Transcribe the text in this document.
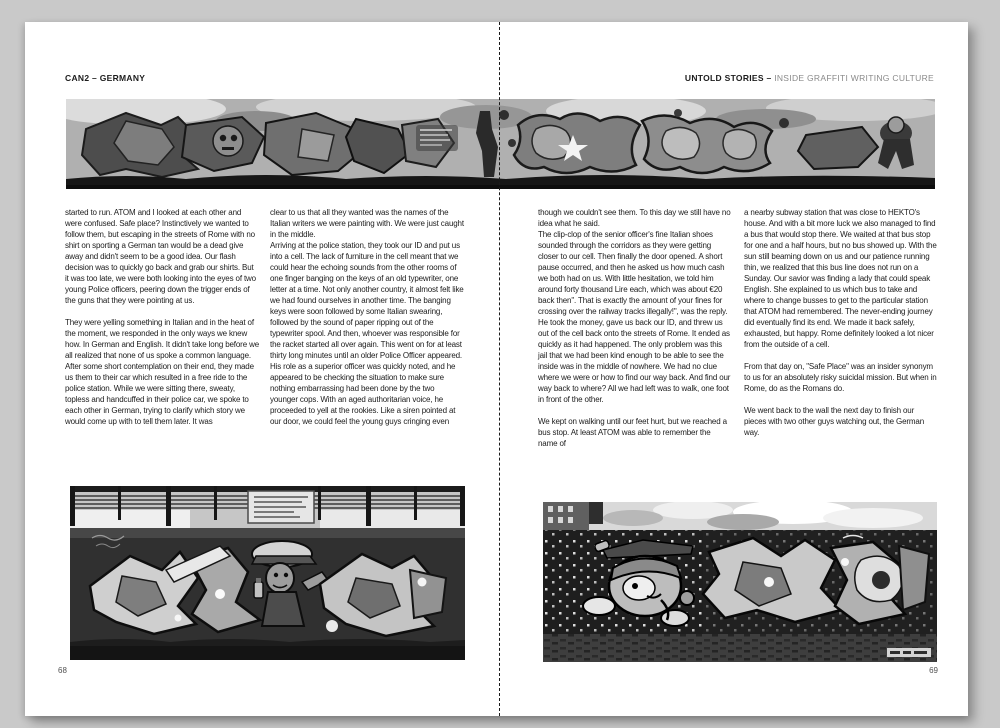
CAN2 – GERMANY	UNTOLD STORIES – INSIDE GRAFFITI WRITING CULTURE

started to run. ATOM and I looked at each other and were confused. Safe place? Instinctively we wanted to follow them, but escaping in the streets of Rome with no shirt on sporting a German tan would be a dead give away and didn't seem to be a good idea. Our flash decision was to quickly go back and grab our shirts. But it was too late, we were both looking into the eyes of two young Police officers, peering down the trigger ends of the guns that they were pointing at us.

They were yelling something in Italian and in the heat of the moment, we responded in the only ways we knew how. In German and English. It didn't take long before we all realized that none of us spoke a common language. After some short contemplation on their end, they made us them to their car which resulted in a free ride to the police station. While we were sitting there, sweaty, topless and handcuffed in their police car, we spoke to each other in German, trying to clarify which story we would come up with to tell them later. It was

clear to us that all they wanted was the names of the Italian writers we were painting with. We were just caught in the middle.

Arriving at the police station, they took our ID and put us into a cell. The lack of furniture in the cell meant that we could hear the echoing sounds from the other rooms of one finger banging on the keys of an old typewriter, one letter at a time. Not only another country, it almost felt like we had found ourselves in another time. The banging keys were soon followed by some Italian swearing, followed by the sound of paper ripping out of the typewriter spool. And then, whoever was responsible for the racket started all over again. This went on for at least thirty long minutes until an older Police Officer appeared. His role as a superior officer was quickly noted, and he appeared to be checking the situation to make sure nothing embarrassing had been done by the two younger cops. With an aged authoritarian voice, he proceeded to yell at the rookies. Like a siren pointed at our door, we could feel the young guys cringing even

though we couldn't see them. To this day we still have no idea what he said.

The clip-clop of the senior officer's fine Italian shoes sounded through the corridors as they were getting closer to our cell. Then finally the door opened. A short pause occurred, and then he asked us how much cash we both had on us. With little hesitation, we told him around forty thousand Lire each, which was about €20 back then". That is exactly the amount of your fines for crossing over the railway tracks illegally!", was the reply. He took the money, gave us back our ID, and threw us out of the cell back onto the streets of Rome. It ended as quickly as it had happened. The only problem was this jail that we had been kind enough to be able to see the inside was in the middle of nowhere. We had no clue where we were or how to find our way back. And find our way back to where? All we had left was to walk, one foot in front of the other.

We kept on walking until our feet hurt, but we reached a bus stop. At least ATOM was able to remember the name of

a nearby subway station that was close to HEKTO's house. And with a bit more luck we also managed to find a bus that would stop there. We waited at that bus stop for one and a half hours, but no bus showed up. With the sun still beaming down on us and our patience running thin, we realized that this bus line does not run on a Sunday. Our savior was finding a lady that could speak English. She explained to us which bus to take and where to change busses to get to the particular station that ATOM had remembered. The never-ending journey did eventually find its end. We made it back safely, exhausted, but happy. Rome definitely looked a lot nicer from the outside of a cell.

From that day on, "Safe Place" was an insider synonym to us for an absolutely risky suicidal mission. But when in Rome, do as the Romans do.

We went back to the wall the next day to finish our pieces with two other guys watching out, the German way.

68	69
